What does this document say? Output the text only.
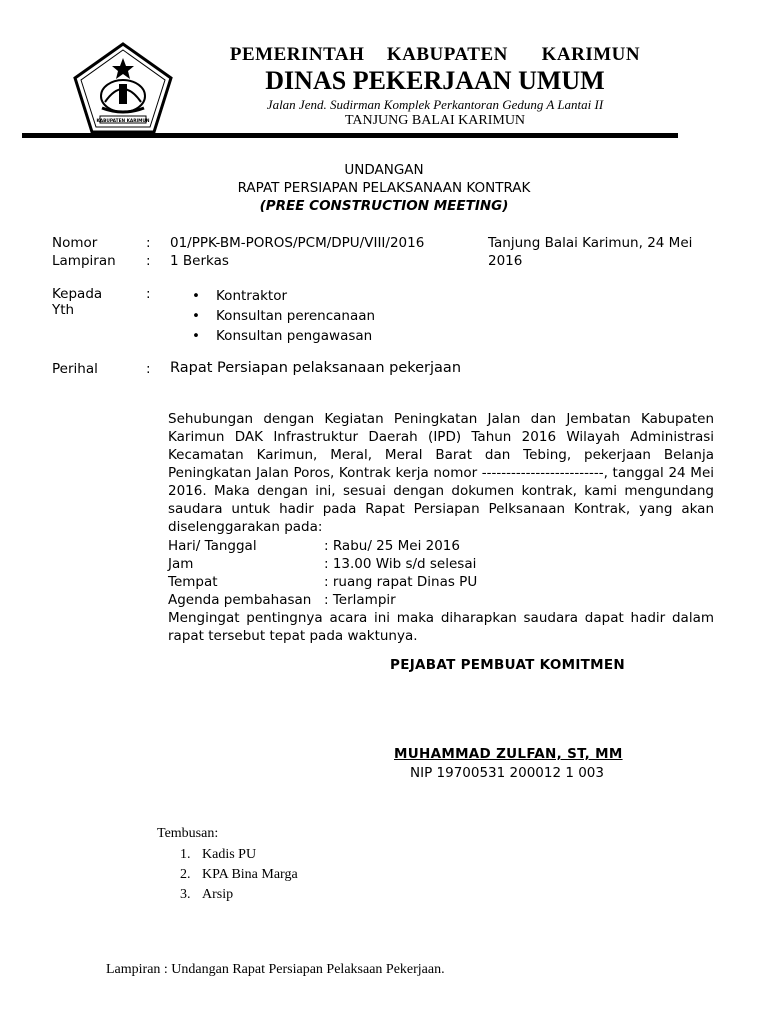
KABUPATEN KARIMUN
PEMERINTAH  KABUPATEN   KARIMUN
DINAS PEKERJAAN UMUM
Jalan Jend. Sudirman Komplek Perkantoran Gedung A Lantai II
TANJUNG BALAI KARIMUN
UNDANGAN
RAPAT PERSIAPAN PELAKSANAAN KONTRAK
(PREE CONSTRUCTION MEETING)
Nomor	: 01/PPK-BM-POROS/PCM/DPU/VIII/2016	Tanjung Balai Karimun, 24 Mei
2016
Lampiran : 1 Berkas
Kepada
Yth
:
•	Kontraktor
• Konsultan perencanaan
• Konsultan pengawasan
Perihal	: Rapat Persiapan pelaksanaan pekerjaan

Sehubungan dengan Kegiatan Peningkatan Jalan dan Jembatan Kabupaten Karimun DAK Infrastruktur Daerah (IPD) Tahun 2016 Wilayah Administrasi Kecamatan Karimun, Meral, Meral Barat dan Tebing, pekerjaan Belanja Peningkatan Jalan Poros, Kontrak kerja nomor -------------------------, tanggal 24 Mei 2016. Maka dengan ini, sesuai dengan dokumen kontrak, kami mengundang saudara untuk hadir pada Rapat Persiapan Pelksanaan Kontrak, yang akan diselenggarakan pada:

Hari/ Tanggal	: Rabu/ 25 Mei 2016
Jam	: 13.00 Wib s/d selesai
Tempat	: ruang rapat Dinas PU
Agenda pembahasan : Terlampir
Mengingat pentingnya acara ini maka diharapkan saudara dapat hadir dalam rapat tersebut tepat pada waktunya.
PEJABAT PEMBUAT KOMITMEN
MUHAMMAD ZULFAN, ST, MM
NIP 19700531 200012 1 003
Tembusan:
1. Kadis PU
2. KPA Bina Marga
3. Arsip
Lampiran : Undangan Rapat Persiapan Pelaksaan Pekerjaan.
